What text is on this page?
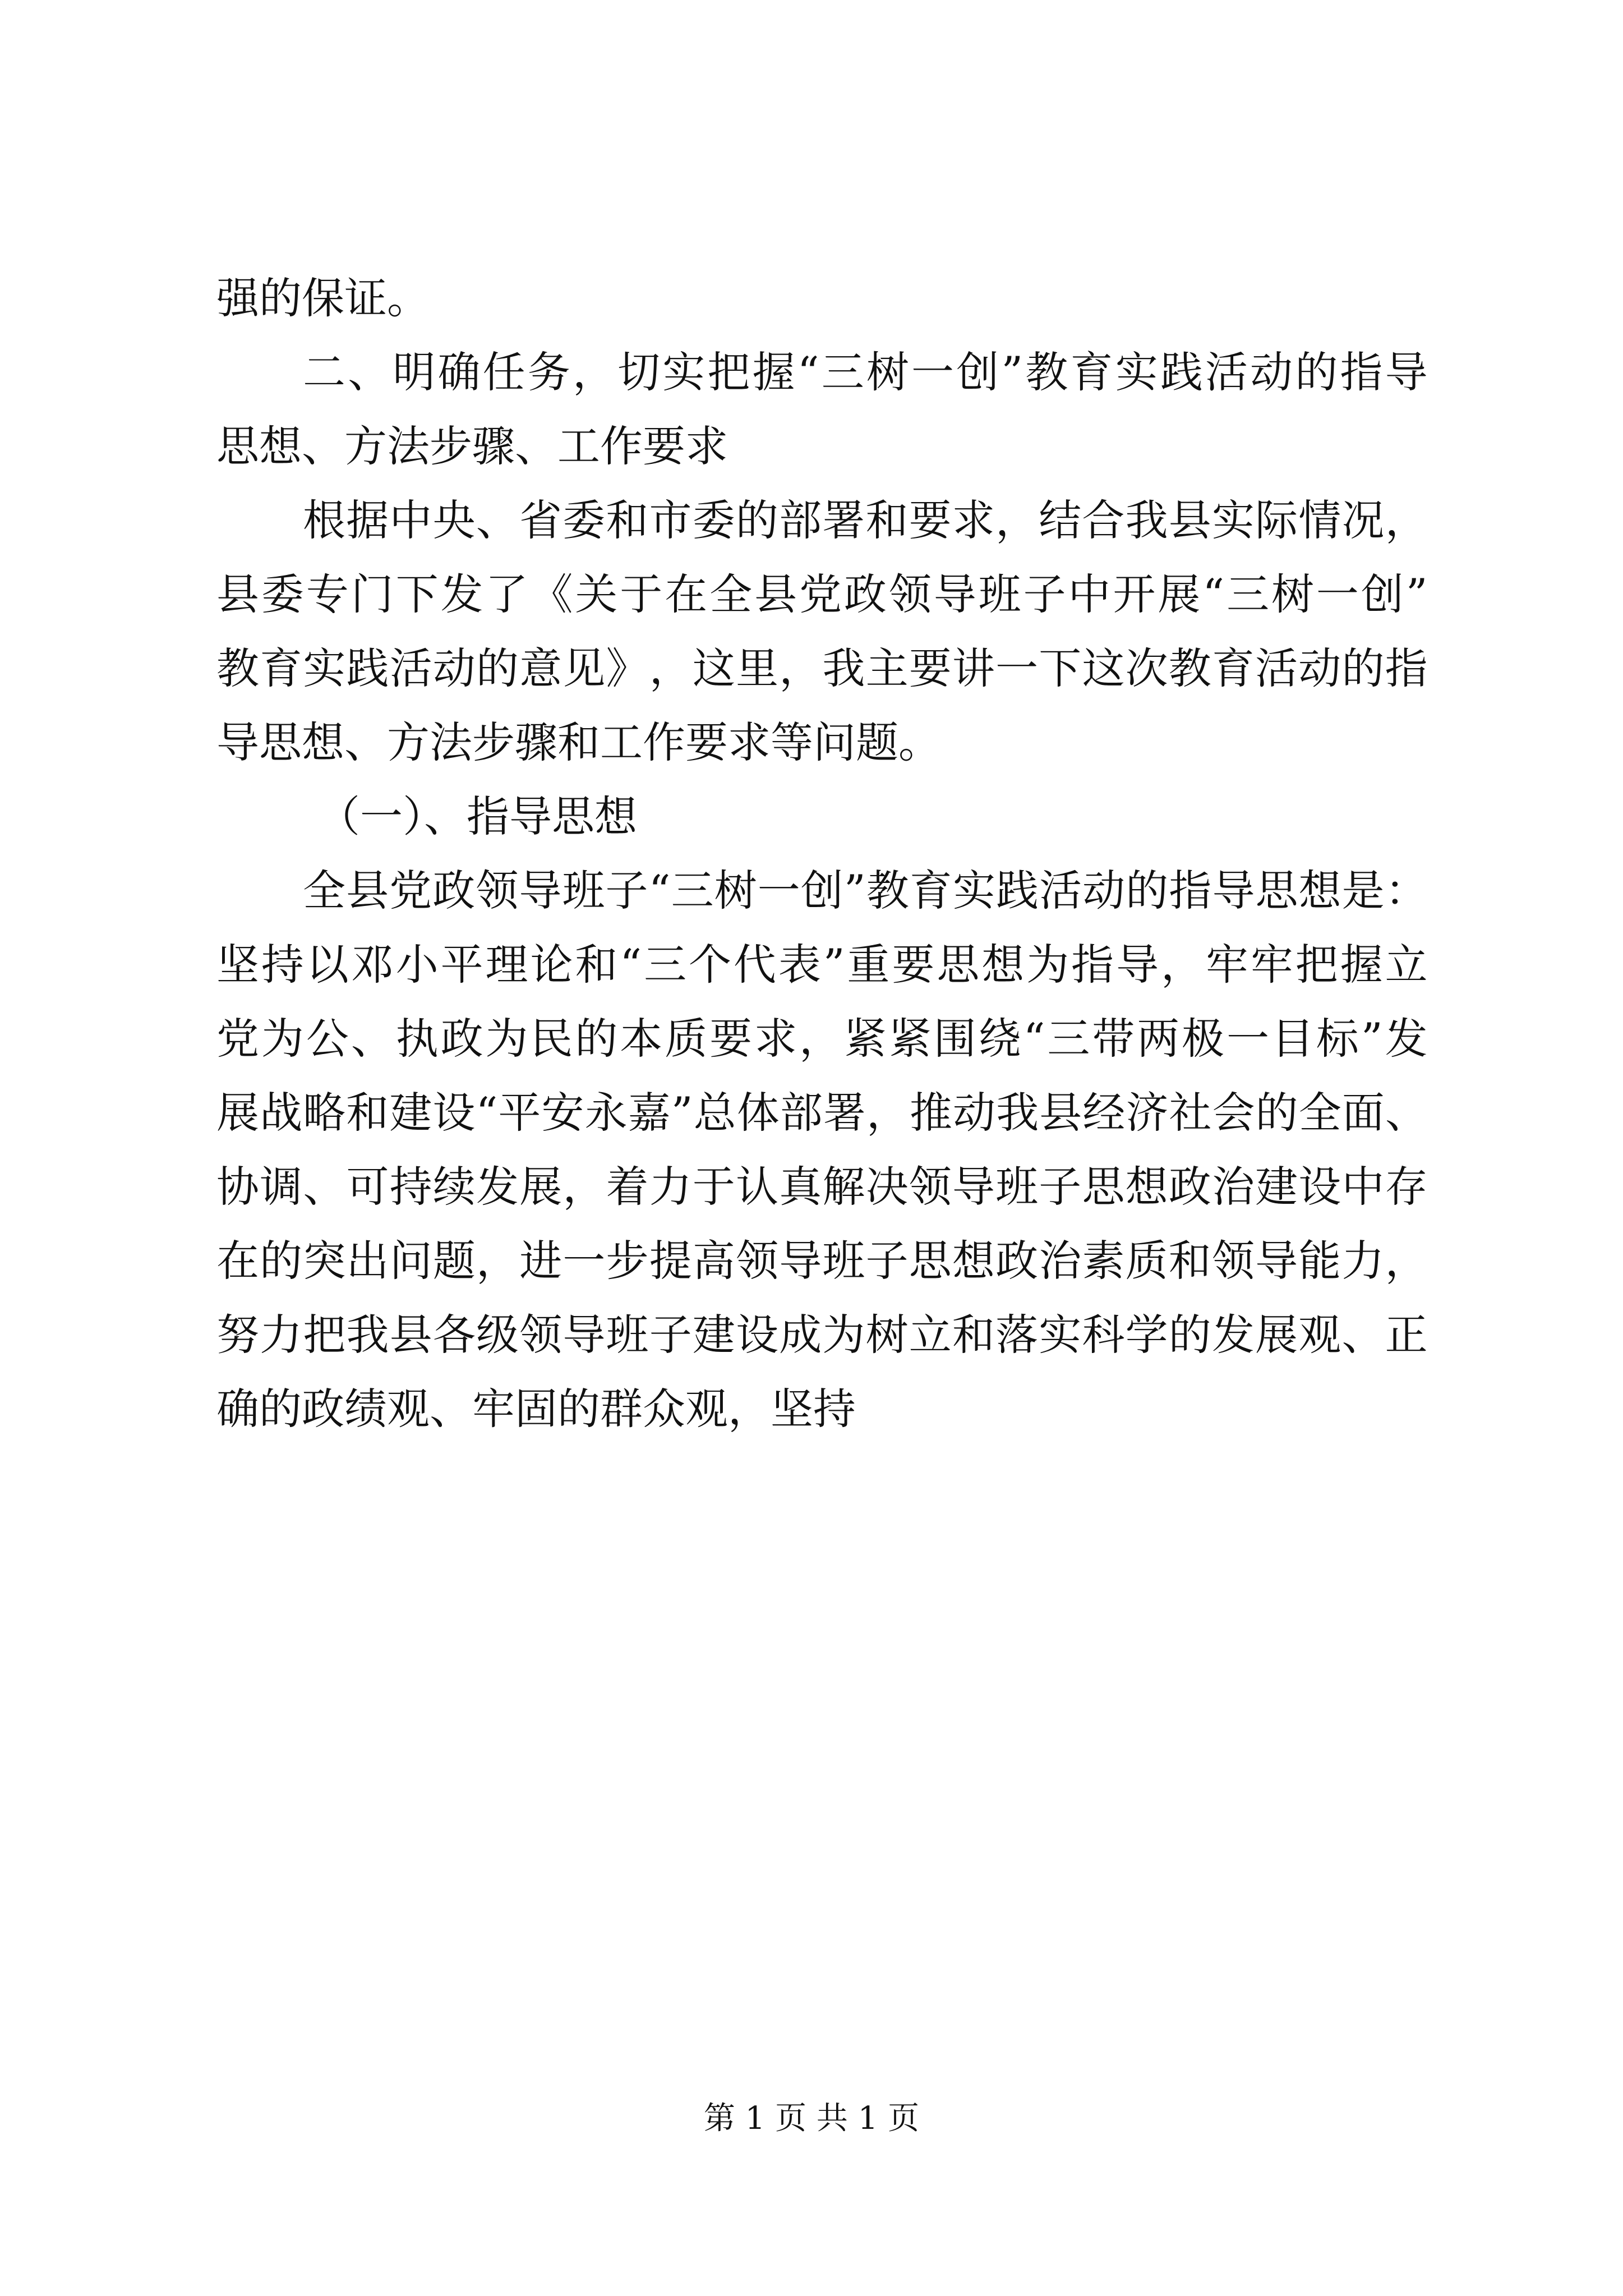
强的保证。

二 、 明 确 任 务 ， 切 实 把 握 “ 三 树 一 创 ” 教 育 实 践 活 动 的 指 导

思想、方法步骤、工作要求

根 据 中 央 、 省 委 和 市 委 的 部 署 和 要 求 ， 结 合 我 县 实 际 情 况 ，

县 委 专 门 下 发 了 《 关 于 在 全 县 党 政 领 导 班 子 中 开 展 “ 三 树 一 创 ”

教 育 实 践 活 动 的 意 见 》 ， 这 里 ， 我 主 要 讲 一 下 这 次 教 育 活 动 的 指

导思想、方法步骤和工作要求等问题。

（一）、指导思想

全 县 党 政 领 导 班 子 “ 三 树 一 创 ” 教 育 实 践 活 动 的 指 导 思 想 是 ：

坚 持 以 邓 小 平 理 论 和 “ 三 个 代 表 ” 重 要 思 想 为 指 导 ， 牢 牢 把 握 立

党 为 公 、 执 政 为 民 的 本 质 要 求 ， 紧 紧 围 绕 “ 三 带 两 极 一 目 标 ” 发

展 战 略 和 建 设 “ 平 安 永 嘉 ” 总 体 部 署 ， 推 动 我 县 经 济 社 会 的 全 面 、

协 调 、 可 持 续 发 展 ， 着 力 于 认 真 解 决 领 导 班 子 思 想 政 治 建 设 中 存

在 的 突 出 问 题 ， 进 一 步 提 高 领 导 班 子 思 想 政 治 素 质 和 领 导 能 力 ，

努 力 把 我 县 各 级 领 导 班 子 建 设 成 为 树 立 和 落 实 科 学 的 发 展 观 、 正

确的政绩观、牢固的群众观，坚持

第 1 页 共 1 页
